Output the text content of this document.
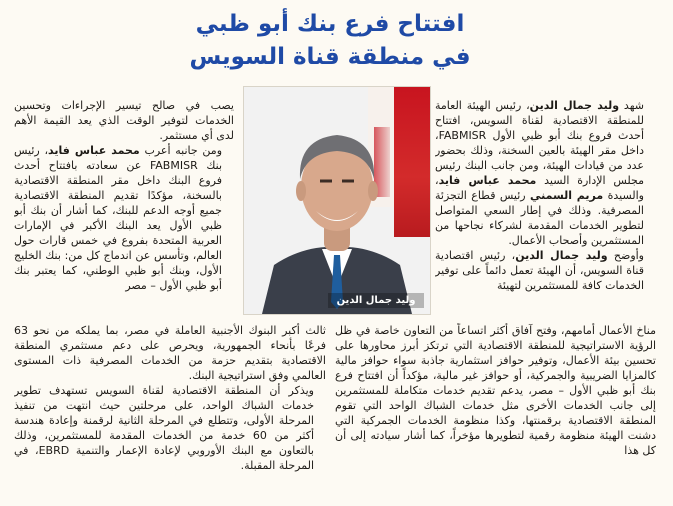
افتتاح فرع بنك أبو ظبي
في منطقة قناة السويس

شهد وليد جمال الدين، رئيس الهيئة العامة للمنطقة الاقتصادية لقناة السويس، افتتاح أحدث فروع بنك أبو ظبي الأول FABMISR، داخل مقر الهيئة بالعين السخنة، وذلك بحضور عدد من قيادات الهيئة، ومن جانب البنك رئيس مجلس الإدارة السيد محمد عباس فايد، والسيدة مريم السمني رئيس قطاع التجزئة المصرفية. وذلك في إطار السعي المتواصل لتطوير الخدمات المقدمة لشركاء نجاحها من المستثمرين وأصحاب الأعمال.

وأوضح وليد جمال الدين، رئيس اقتصادية قناة السويس، أن الهيئة تعمل دائماً على توفير الخدمات كافة للمستثمرين لتهيئة

وليد جمال الدين

يصب في صالح تيسير الإجراءات وتحسين الخدمات لتوفير الوقت الذي يعد القيمة الأهم لدى أي مستثمر.

ومن جانبه أعرب محمد عباس فايد، رئيس بنك FABMISR عن سعادته بافتتاح أحدث فروع البنك داخل مقر المنطقة الاقتصادية بالسخنة، مؤكدًا تقديم المنطقة الاقتصادية جميع أوجه الدعم للبنك، كما أشار أن بنك أبو ظبي الأول يعد البنك الأكبر في الإمارات العربية المتحدة بفروع في خمس قارات حول العالم، وتأسس عن اندماج كل من: بنك الخليج الأول، وبنك أبو ظبي الوطني، كما يعتبر بنك أبو ظبي الأول – مصر

مناخ الأعمال أمامهم، وفتح آفاق أكثر اتساعاً من التعاون خاصة في ظل الرؤية الاستراتيجية للمنطقة الاقتصادية التي ترتكز أبرز محاورها على تحسين بيئة الأعمال، وتوفير حوافز استثمارية جاذبة سواء حوافز مالية كالمزايا الضريبية والجمركية، أو حوافز غير مالية، مؤكداً أن افتتاح فرع بنك أبو ظبي الأول – مصر، يدعم تقديم خدمات متكاملة للمستثمرين إلى جانب الخدمات الأخرى مثل خدمات الشباك الواحد التي تقوم المنطقة الاقتصادية برقمنتها، وكذا منظومة الخدمات الجمركية التي دشنت الهيئة منظومة رقمية لتطويرها مؤخراً، كما أشار سيادته إلى أن كل هذا

ثالث أكبر البنوك الأجنبية العاملة في مصر، بما يملكه من نحو 63 فرعًا بأنحاء الجمهورية، ويحرص على دعم مستثمري المنطقة الاقتصادية بتقديم حزمة من الخدمات المصرفية ذات المستوى العالمي وفق استراتيجية البنك.

ويذكر أن المنطقة الاقتصادية لقناة السويس تستهدف تطوير خدمات الشباك الواحد، على مرحلتين حيث انتهت من تنفيذ المرحلة الأولى، وتتطلع في المرحلة الثانية لرقمنة وإعادة هندسة أكثر من 60 خدمة من الخدمات المقدمة للمستثمرين، وذلك بالتعاون مع البنك الأوروبي لإعادة الإعمار والتنمية EBRD، في المرحلة المقبلة.
